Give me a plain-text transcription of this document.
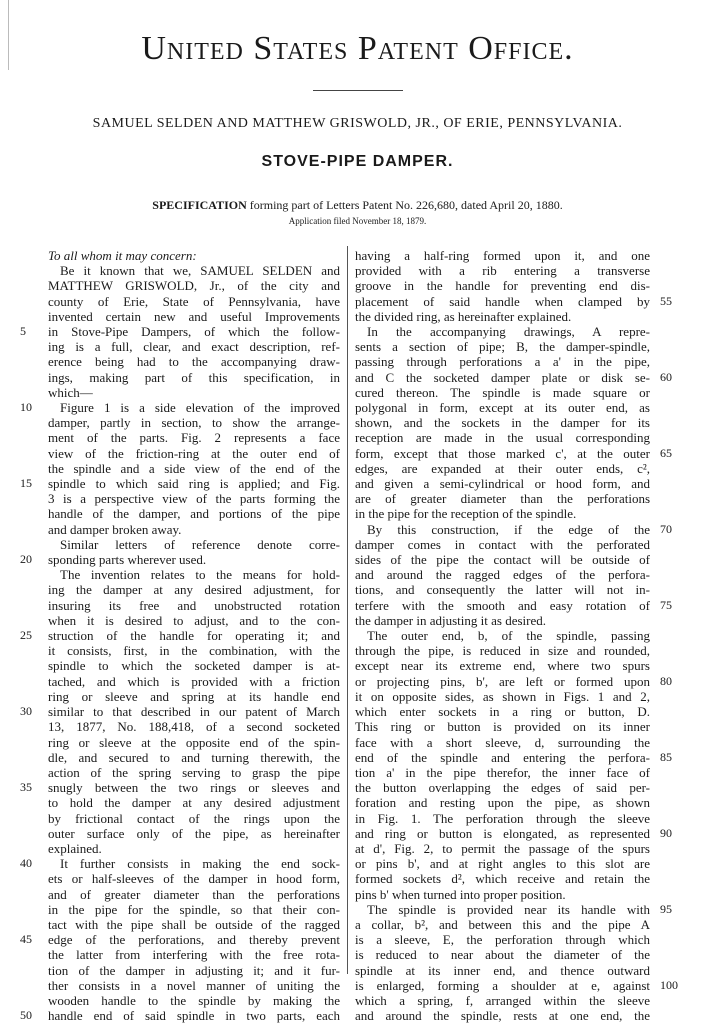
United States Patent Office.
SAMUEL SELDEN AND MATTHEW GRISWOLD, JR., OF ERIE, PENNSYLVANIA.
STOVE-PIPE DAMPER.
SPECIFICATION forming part of Letters Patent No. 226,680, dated April 20, 1880.
Application filed November 18, 1879.
To all whom it may concern:
Be it known that we, SAMUEL SELDEN and
MATTHEW GRISWOLD, Jr., of the city and
county of Erie, State of Pennsylvania, have
invented certain new and useful Improvements
in Stove-Pipe Dampers, of which the follow-
ing is a full, clear, and exact description, ref-
erence being had to the accompanying draw-
ings, making part of this specification, in
which—
Figure 1 is a side elevation of the improved
damper, partly in section, to show the arrange-
ment of the parts. Fig. 2 represents a face
view of the friction-ring at the outer end of
the spindle and a side view of the end of the
spindle to which said ring is applied; and Fig.
3 is a perspective view of the parts forming the
handle of the damper, and portions of the pipe
and damper broken away.
Similar letters of reference denote corre-
sponding parts wherever used.
The invention relates to the means for hold-
ing the damper at any desired adjustment, for
insuring its free and unobstructed rotation
when it is desired to adjust, and to the con-
struction of the handle for operating it; and
it consists, first, in the combination, with the
spindle to which the socketed damper is at-
tached, and which is provided with a friction
ring or sleeve and spring at its handle end
similar to that described in our patent of March
13, 1877, No. 188,418, of a second socketed
ring or sleeve at the opposite end of the spin-
dle, and secured to and turning therewith, the
action of the spring serving to grasp the pipe
snugly between the two rings or sleeves and
to hold the damper at any desired adjustment
by frictional contact of the rings upon the
outer surface only of the pipe, as hereinafter
explained.
It further consists in making the end sock-
ets or half-sleeves of the damper in hood form,
and of greater diameter than the perforations
in the pipe for the spindle, so that their con-
tact with the pipe shall be outside of the ragged
edge of the perforations, and thereby prevent
the latter from interfering with the free rota-
tion of the damper in adjusting it; and it fur-
ther consists in a novel manner of uniting the
wooden handle to the spindle by making the
handle end of said spindle in two parts, each
having a half-ring formed upon it, and one
provided with a rib entering a transverse
groove in the handle for preventing end dis-
placement of said handle when clamped by
the divided ring, as hereinafter explained.
In the accompanying drawings, A repre-
sents a section of pipe; B, the damper-spindle,
passing through perforations a a' in the pipe,
and C the socketed damper plate or disk se-
cured thereon. The spindle is made square or
polygonal in form, except at its outer end, as
shown, and the sockets in the damper for its
reception are made in the usual corresponding
form, except that those marked c', at the outer
edges, are expanded at their outer ends, c²,
and given a semi-cylindrical or hood form, and
are of greater diameter than the perforations
in the pipe for the reception of the spindle.
By this construction, if the edge of the
damper comes in contact with the perforated
sides of the pipe the contact will be outside of
and around the ragged edges of the perfora-
tions, and consequently the latter will not in-
terfere with the smooth and easy rotation of
the damper in adjusting it as desired.
The outer end, b, of the spindle, passing
through the pipe, is reduced in size and rounded,
except near its extreme end, where two spurs
or projecting pins, b', are left or formed upon
it on opposite sides, as shown in Figs. 1 and 2,
which enter sockets in a ring or button, D.
This ring or button is provided on its inner
face with a short sleeve, d, surrounding the
end of the spindle and entering the perfora-
tion a' in the pipe therefor, the inner face of
the button overlapping the edges of said per-
foration and resting upon the pipe, as shown
in Fig. 1. The perforation through the sleeve
and ring or button is elongated, as represented
at d', Fig. 2, to permit the passage of the spurs
or pins b', and at right angles to this slot are
formed sockets d², which receive and retain the
pins b' when turned into proper position.
The spindle is provided near its handle with
a collar, b², and between this and the pipe A
is a sleeve, E, the perforation through which
is reduced to near about the diameter of the
spindle at its inner end, and thence outward
is enlarged, forming a shoulder at e, against
which a spring, f, arranged within the sleeve
and around the spindle, rests at one end, the
5
10
15
20
25
30
35
40
45
50
55
60
65
70
75
80
85
90
95
100
